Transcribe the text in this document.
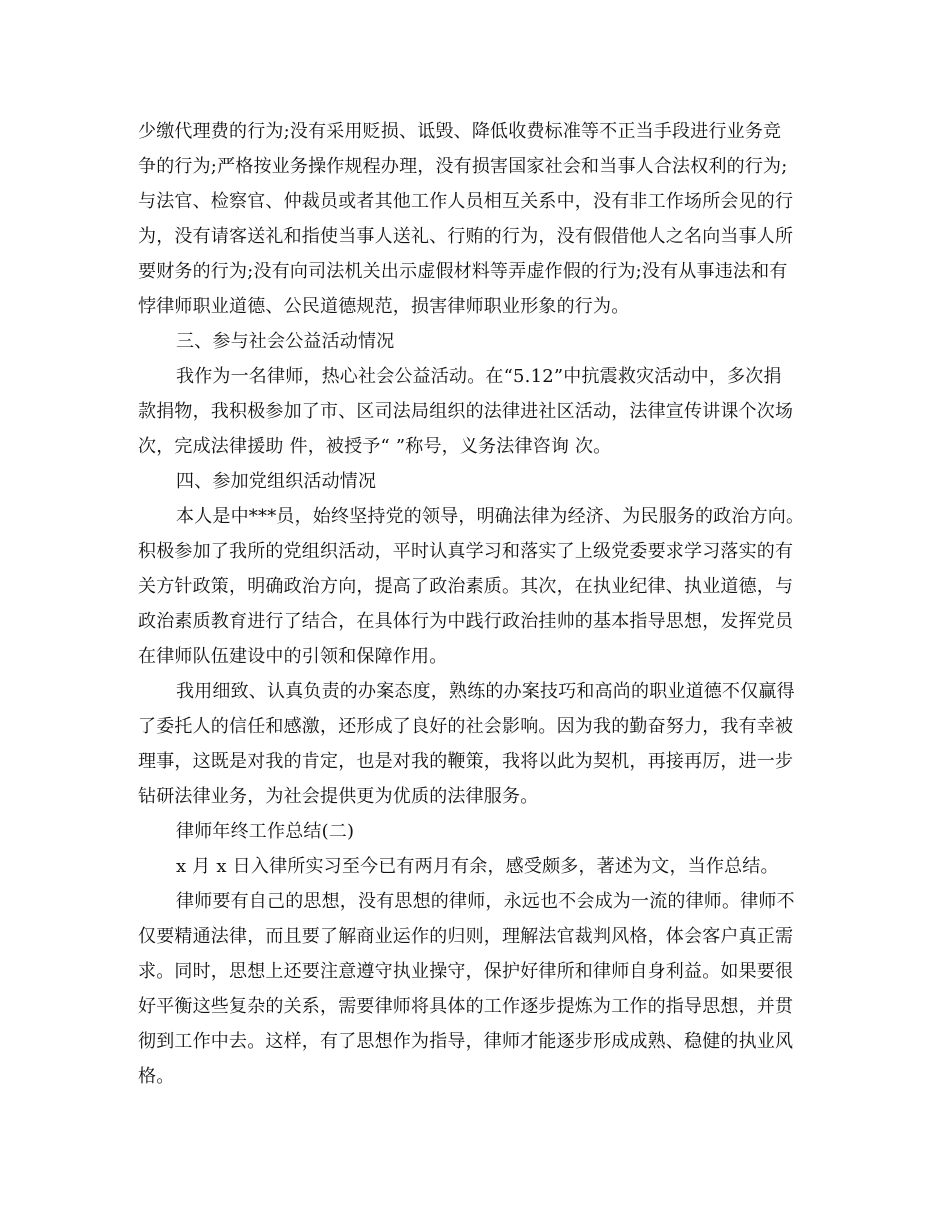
少缴代理费的行为;没有采用贬损、诋毁、降低收费标准等不正当手段进行业务竞
争的行为;严格按业务操作规程办理，没有损害国家社会和当事人合法权利的行为;
与法官、检察官、仲裁员或者其他工作人员相互关系中，没有非工作场所会见的行
为，没有请客送礼和指使当事人送礼、行贿的行为，没有假借他人之名向当事人所
要财务的行为;没有向司法机关出示虚假材料等弄虚作假的行为;没有从事违法和有
悖律师职业道德、公民道德规范，损害律师职业形象的行为。
三、参与社会公益活动情况
我作为一名律师，热心社会公益活动。在“5.12”中抗震救灾活动中，多次捐
款捐物，我积极参加了市、区司法局组织的法律进社区活动，法律宣传讲课个次场
次，完成法律援助 件，被授予“ ”称号，义务法律咨询 次。
四、参加党组织活动情况
本人是中***员，始终坚持党的领导，明确法律为经济、为民服务的政治方向。
积极参加了我所的党组织活动，平时认真学习和落实了上级党委要求学习落实的有
关方针政策，明确政治方向，提高了政治素质。其次，在执业纪律、执业道德，与
政治素质教育进行了结合，在具体行为中践行政治挂帅的基本指导思想，发挥党员
在律师队伍建设中的引领和保障作用。
我用细致、认真负责的办案态度，熟练的办案技巧和高尚的职业道德不仅赢得
了委托人的信任和感激，还形成了良好的社会影响。因为我的勤奋努力，我有幸被
理事，这既是对我的肯定，也是对我的鞭策，我将以此为契机，再接再厉，进一步
钻研法律业务，为社会提供更为优质的法律服务。
律师年终工作总结(二)
x 月 x 日入律所实习至今已有两月有余，感受颇多，著述为文，当作总结。
律师要有自己的思想，没有思想的律师，永远也不会成为一流的律师。律师不
仅要精通法律，而且要了解商业运作的归则，理解法官裁判风格，体会客户真正需
求。同时，思想上还要注意遵守执业操守，保护好律所和律师自身利益。如果要很
好平衡这些复杂的关系，需要律师将具体的工作逐步提炼为工作的指导思想，并贯
彻到工作中去。这样，有了思想作为指导，律师才能逐步形成成熟、稳健的执业风
格。
